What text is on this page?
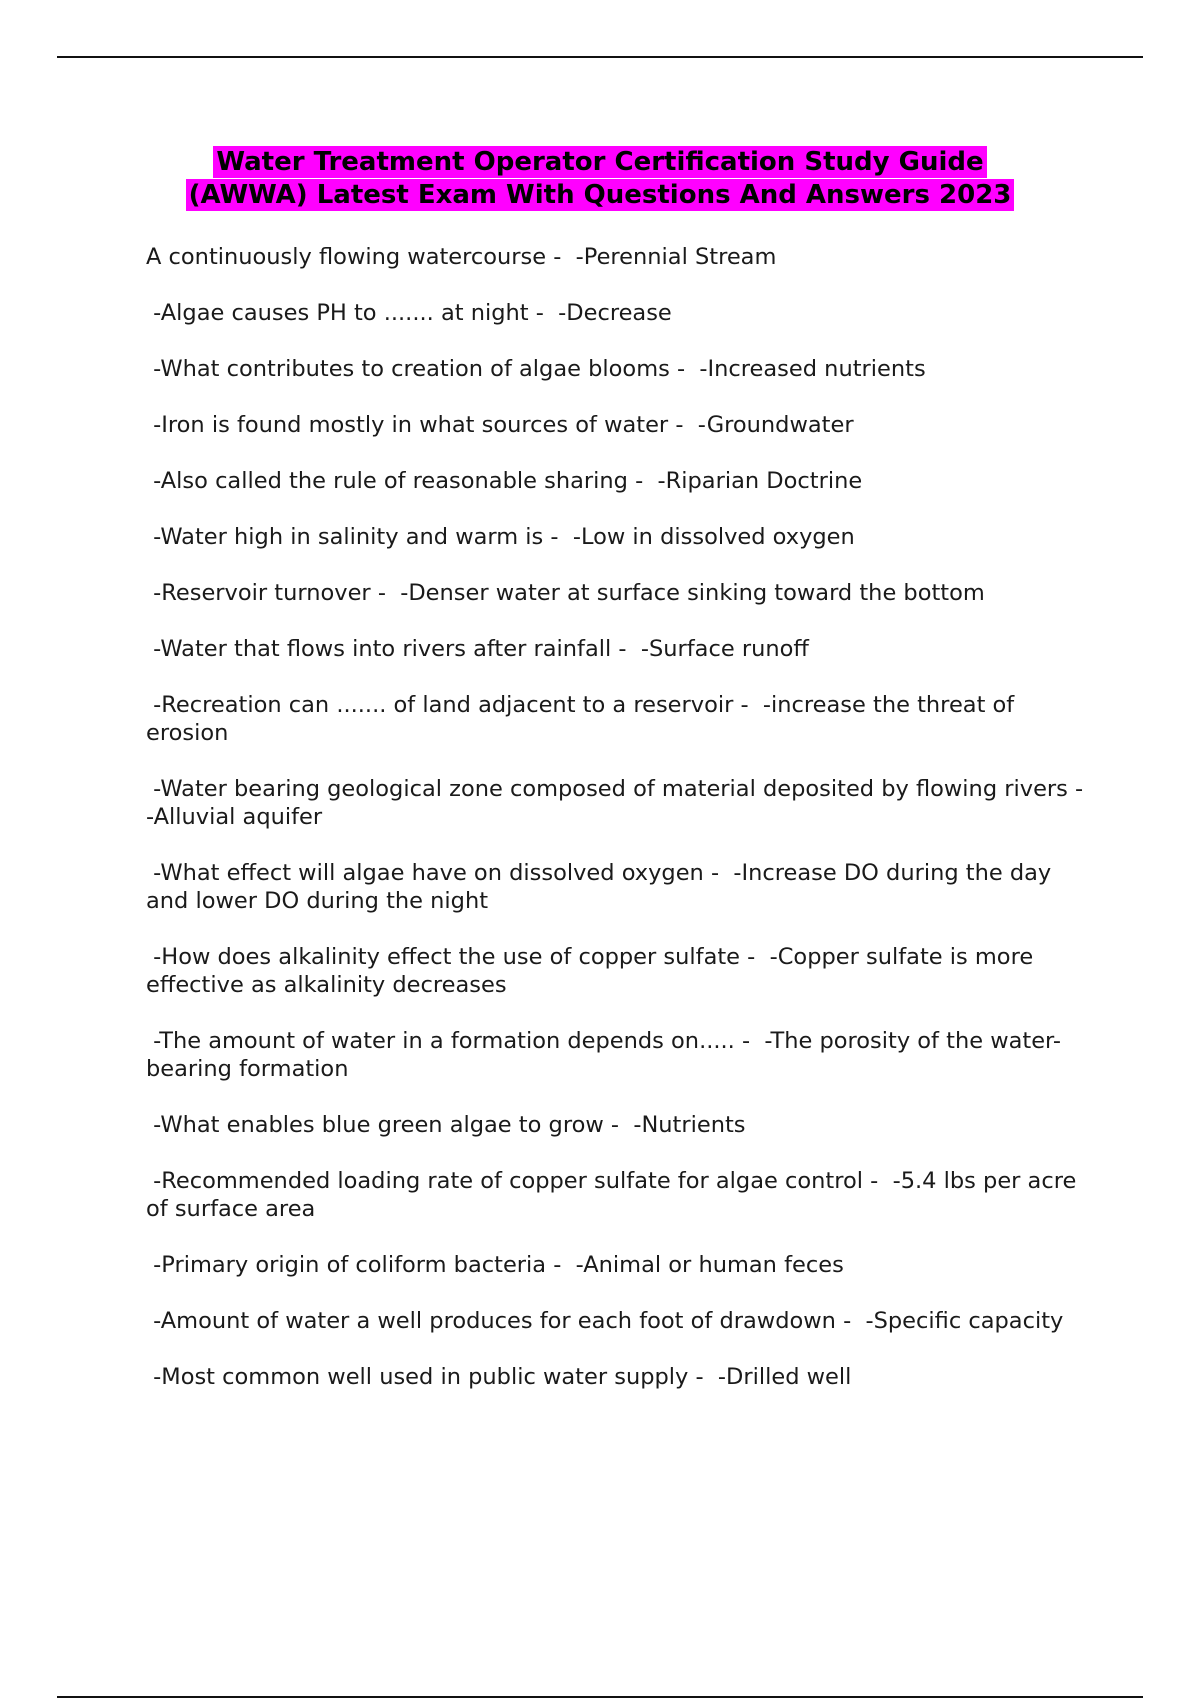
Water Treatment Operator Certification Study Guide
(AWWA) Latest Exam With Questions And Answers 2023
A continuously flowing watercourse -  -Perennial Stream
-Algae causes PH to ....... at night -  -Decrease
-What contributes to creation of algae blooms -  -Increased nutrients
-Iron is found mostly in what sources of water -  -Groundwater
-Also called the rule of reasonable sharing -  -Riparian Doctrine
-Water high in salinity and warm is -  -Low in dissolved oxygen
-Reservoir turnover -  -Denser water at surface sinking toward the bottom
-Water that flows into rivers after rainfall -  -Surface runoff
-Recreation can ....... of land adjacent to a reservoir -  -increase the threat of erosion
-Water bearing geological zone composed of material deposited by flowing rivers -  -Alluvial aquifer
-What effect will algae have on dissolved oxygen -  -Increase DO during the day and lower DO during the night
-How does alkalinity effect the use of copper sulfate -  -Copper sulfate is more effective as alkalinity decreases
-The amount of water in a formation depends on..... -  -The porosity of the water-bearing formation
-What enables blue green algae to grow -  -Nutrients
-Recommended loading rate of copper sulfate for algae control -  -5.4 lbs per acre of surface area
-Primary origin of coliform bacteria -  -Animal or human feces
-Amount of water a well produces for each foot of drawdown -  -Specific capacity
-Most common well used in public water supply -  -Drilled well
